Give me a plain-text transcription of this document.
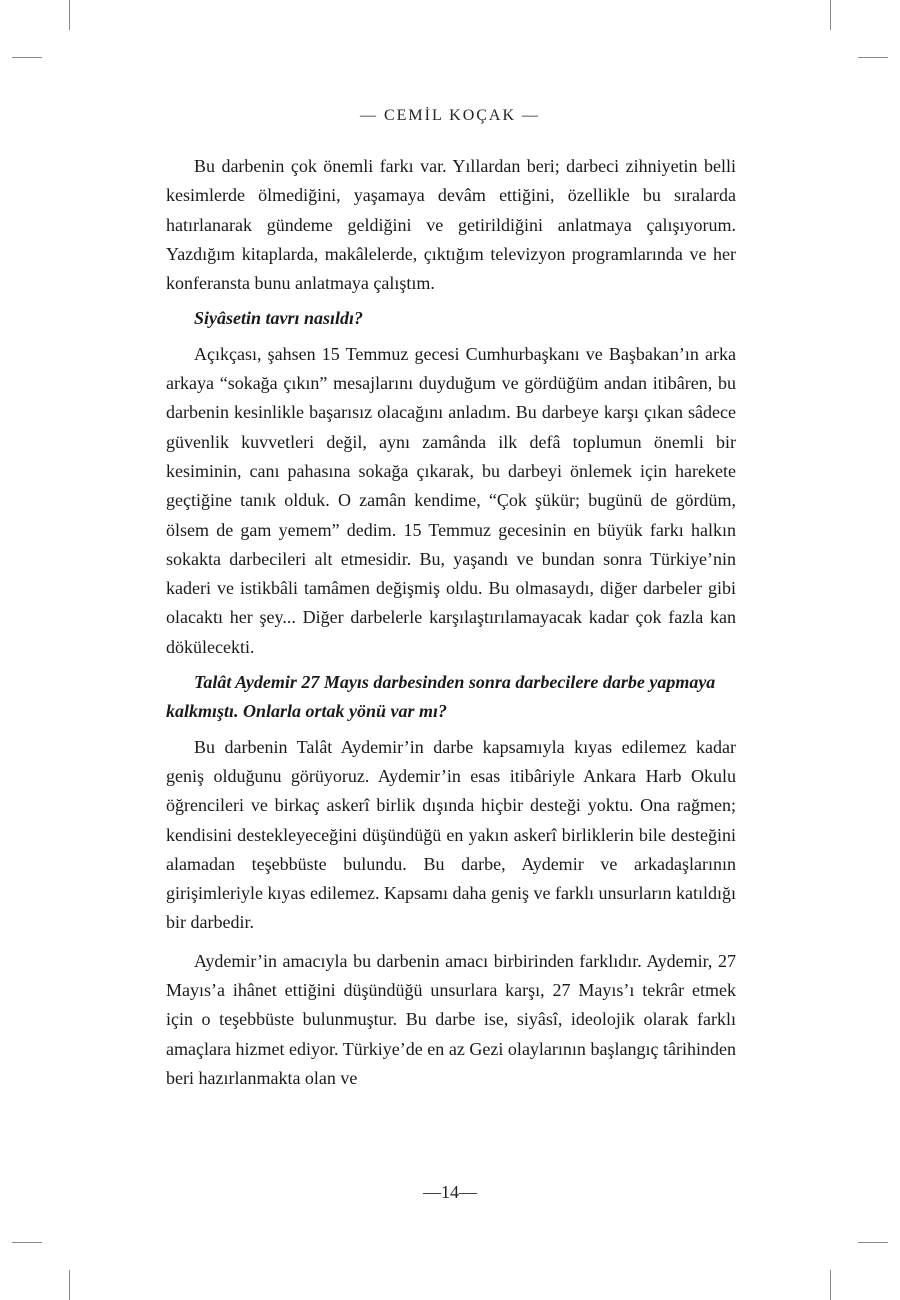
— CEMİL KOÇAK —

Bu darbenin çok önemli farkı var. Yıllardan beri; darbeci zihniyetin belli kesimlerde ölmediğini, yaşamaya devâm ettiğini, özellikle bu sıralarda hatırlanarak gündeme geldiğini ve getirildiğini anlatmaya çalışıyorum. Yazdığım kitaplarda, makâlelerde, çıktığım televizyon programlarında ve her konferansta bunu anlatmaya çalıştım.

Siyâsetin tavrı nasıldı?

Açıkçası, şahsen 15 Temmuz gecesi Cumhurbaşkanı ve Başbakan’ın arka arkaya “sokağa çıkın” mesajlarını duyduğum ve gördüğüm andan itibâren, bu darbenin kesinlikle başarısız olacağını anladım. Bu darbeye karşı çıkan sâdece güvenlik kuvvetleri değil, aynı zamânda ilk defâ toplumun önemli bir kesiminin, canı pahasına sokağa çıkarak, bu darbeyi önlemek için harekete geçtiğine tanık olduk. O zamân kendime, “Çok şükür; bugünü de gördüm, ölsem de gam yemem” dedim. 15 Temmuz gecesinin en büyük farkı halkın sokakta darbecileri alt etmesidir. Bu, yaşandı ve bundan sonra Türkiye’nin kaderi ve istikbâli tamâmen değişmiş oldu. Bu olmasaydı, diğer darbeler gibi olacaktı her şey... Diğer darbelerle karşılaştırılamayacak kadar çok fazla kan dökülecekti.

Talât Aydemir 27 Mayıs darbesinden sonra darbecilere darbe yapmaya kalkmıştı. Onlarla ortak yönü var mı?

Bu darbenin Talât Aydemir’in darbe kapsamıyla kıyas edilemez kadar geniş olduğunu görüyoruz. Aydemir’in esas itibâriyle Ankara Harb Okulu öğrencileri ve birkaç askerî birlik dışında hiçbir desteği yoktu. Ona rağmen; kendisini destekleyeceğini düşündüğü en yakın askerî birliklerin bile desteğini alamadan teşebbüste bulundu. Bu darbe, Aydemir ve arkadaşlarının girişimleriyle kıyas edilemez. Kapsamı daha geniş ve farklı unsurların katıldığı bir darbedir.

Aydemir’in amacıyla bu darbenin amacı birbirinden farklıdır. Aydemir, 27 Mayıs’a ihânet ettiğini düşündüğü unsurlara karşı, 27 Mayıs’ı tekrâr etmek için o teşebbüste bulunmuştur. Bu darbe ise, siyâsî, ideolojik olarak farklı amaçlara hizmet ediyor. Türkiye’de en az Gezi olaylarının başlangıç târihinden beri hazırlanmakta olan ve

—14—
